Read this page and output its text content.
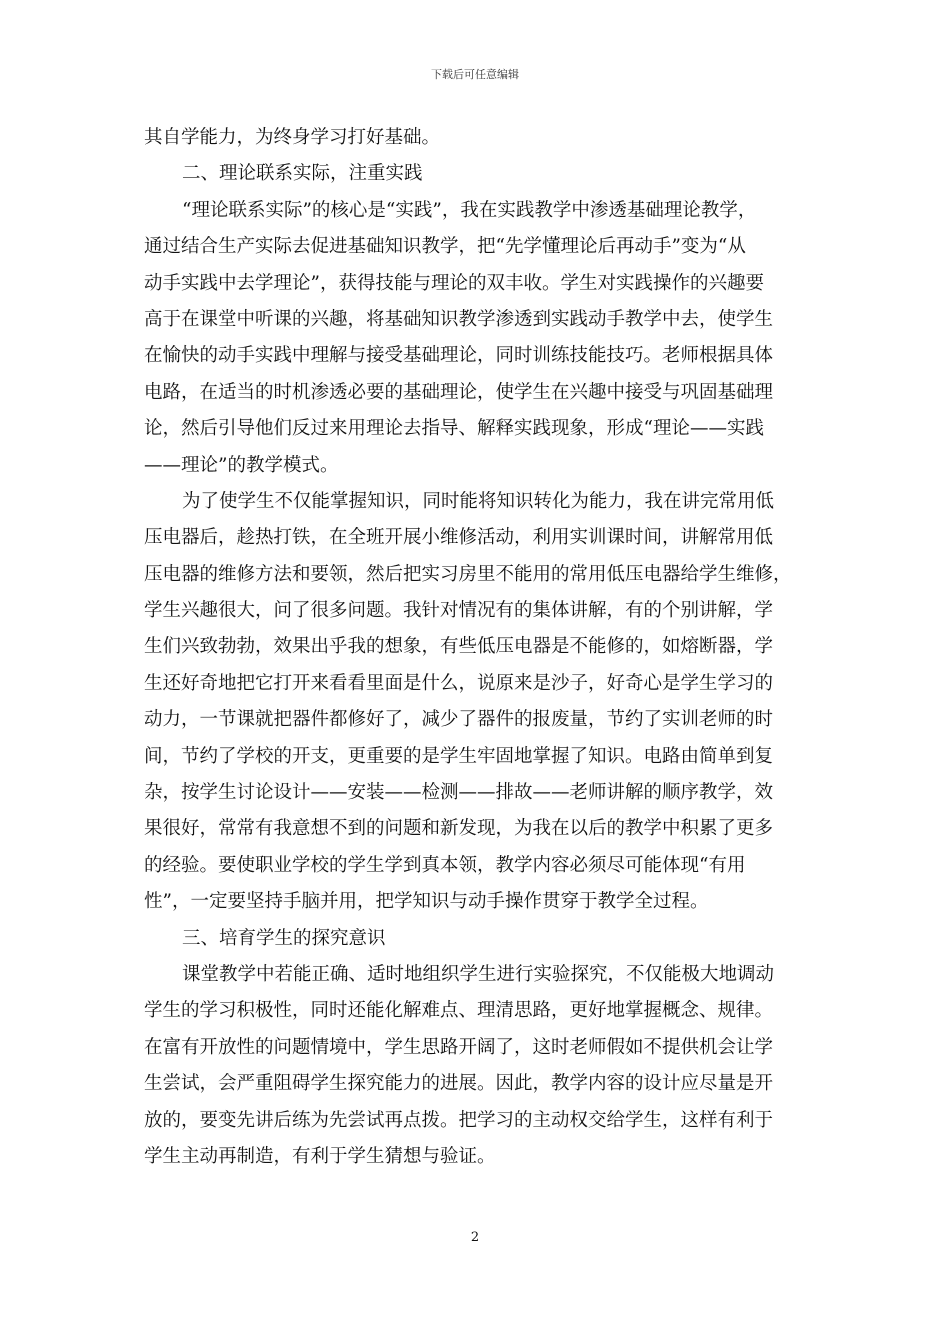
下载后可任意编辑
其自学能力，为终身学习打好基础。
二、理论联系实际，注重实践
“理论联系实际”的核心是“实践”，我在实践教学中渗透基础理论教学，
通过结合生产实际去促进基础知识教学，把“先学懂理论后再动手”变为“从
动手实践中去学理论”，获得技能与理论的双丰收。学生对实践操作的兴趣要
高于在课堂中听课的兴趣，将基础知识教学渗透到实践动手教学中去，使学生
在愉快的动手实践中理解与接受基础理论，同时训练技能技巧。老师根据具体
电路，在适当的时机渗透必要的基础理论，使学生在兴趣中接受与巩固基础理
论，然后引导他们反过来用理论去指导、解释实践现象，形成“理论——实践
——理论”的教学模式。
为了使学生不仅能掌握知识，同时能将知识转化为能力，我在讲完常用低
压电器后，趁热打铁，在全班开展小维修活动，利用实训课时间，讲解常用低
压电器的维修方法和要领，然后把实习房里不能用的常用低压电器给学生维修，
学生兴趣很大，问了很多问题。我针对情况有的集体讲解，有的个别讲解，学
生们兴致勃勃，效果出乎我的想象，有些低压电器是不能修的，如熔断器，学
生还好奇地把它打开来看看里面是什么，说原来是沙子，好奇心是学生学习的
动力，一节课就把器件都修好了，减少了器件的报废量，节约了实训老师的时
间，节约了学校的开支，更重要的是学生牢固地掌握了知识。电路由简单到复
杂，按学生讨论设计——安装——检测——排故——老师讲解的顺序教学，效
果很好，常常有我意想不到的问题和新发现，为我在以后的教学中积累了更多
的经验。要使职业学校的学生学到真本领，教学内容必须尽可能体现“有用
性”，一定要坚持手脑并用，把学知识与动手操作贯穿于教学全过程。
三、培育学生的探究意识
课堂教学中若能正确、适时地组织学生进行实验探究，不仅能极大地调动
学生的学习积极性，同时还能化解难点、理清思路，更好地掌握概念、规律。
在富有开放性的问题情境中，学生思路开阔了，这时老师假如不提供机会让学
生尝试，会严重阻碍学生探究能力的进展。因此，教学内容的设计应尽量是开
放的，要变先讲后练为先尝试再点拨。把学习的主动权交给学生，这样有利于
学生主动再制造，有利于学生猜想与验证。
2
